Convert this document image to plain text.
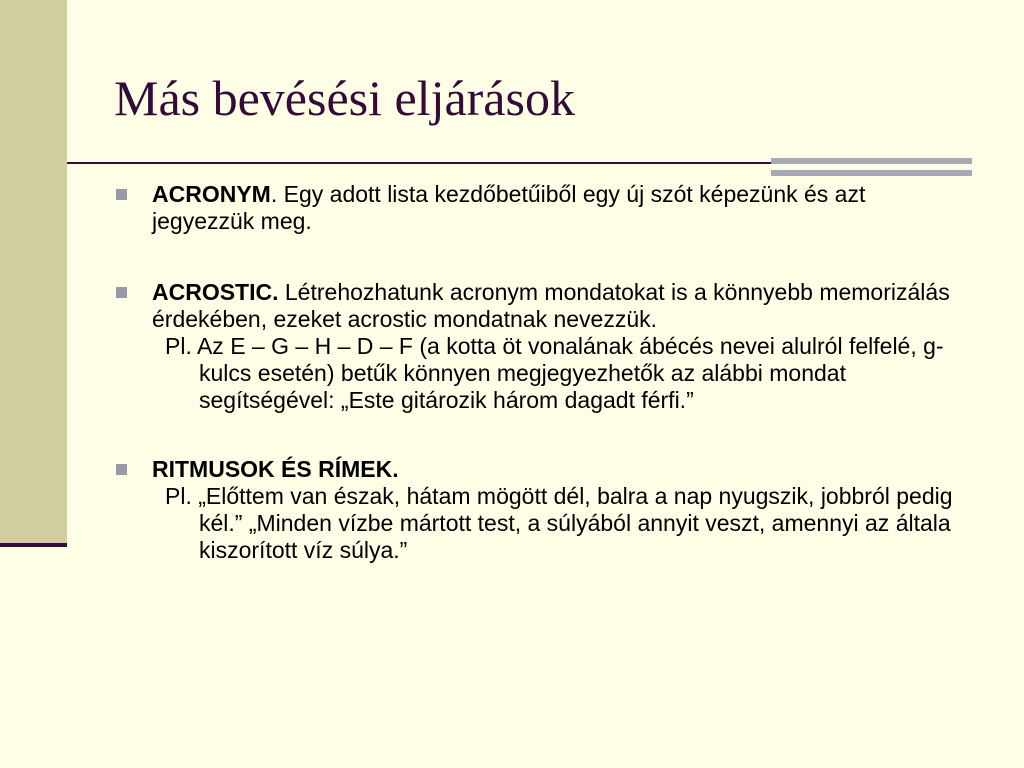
Más bevésési eljárások
ACRONYM. Egy adott lista kezdőbetűiből egy új szót képezünk és azt jegyezzük meg.
ACROSTIC. Létrehozhatunk acronym mondatokat is a könnyebb memorizálás érdekében, ezeket acrostic mondatnak nevezzük.
Pl. Az E – G – H – D – F (a kotta öt vonalának ábécés nevei alulról felfelé, g-kulcs esetén) betűk könnyen megjegyezhetők az alábbi mondat segítségével: „Este gitározik három dagadt férfi.”
RITMUSOK ÉS RÍMEK.
Pl. „Előttem van észak, hátam mögött dél, balra a nap nyugszik, jobbról pedig kél.” „Minden vízbe mártott test, a súlyából annyit veszt, amennyi az általa kiszorított víz súlya.”
